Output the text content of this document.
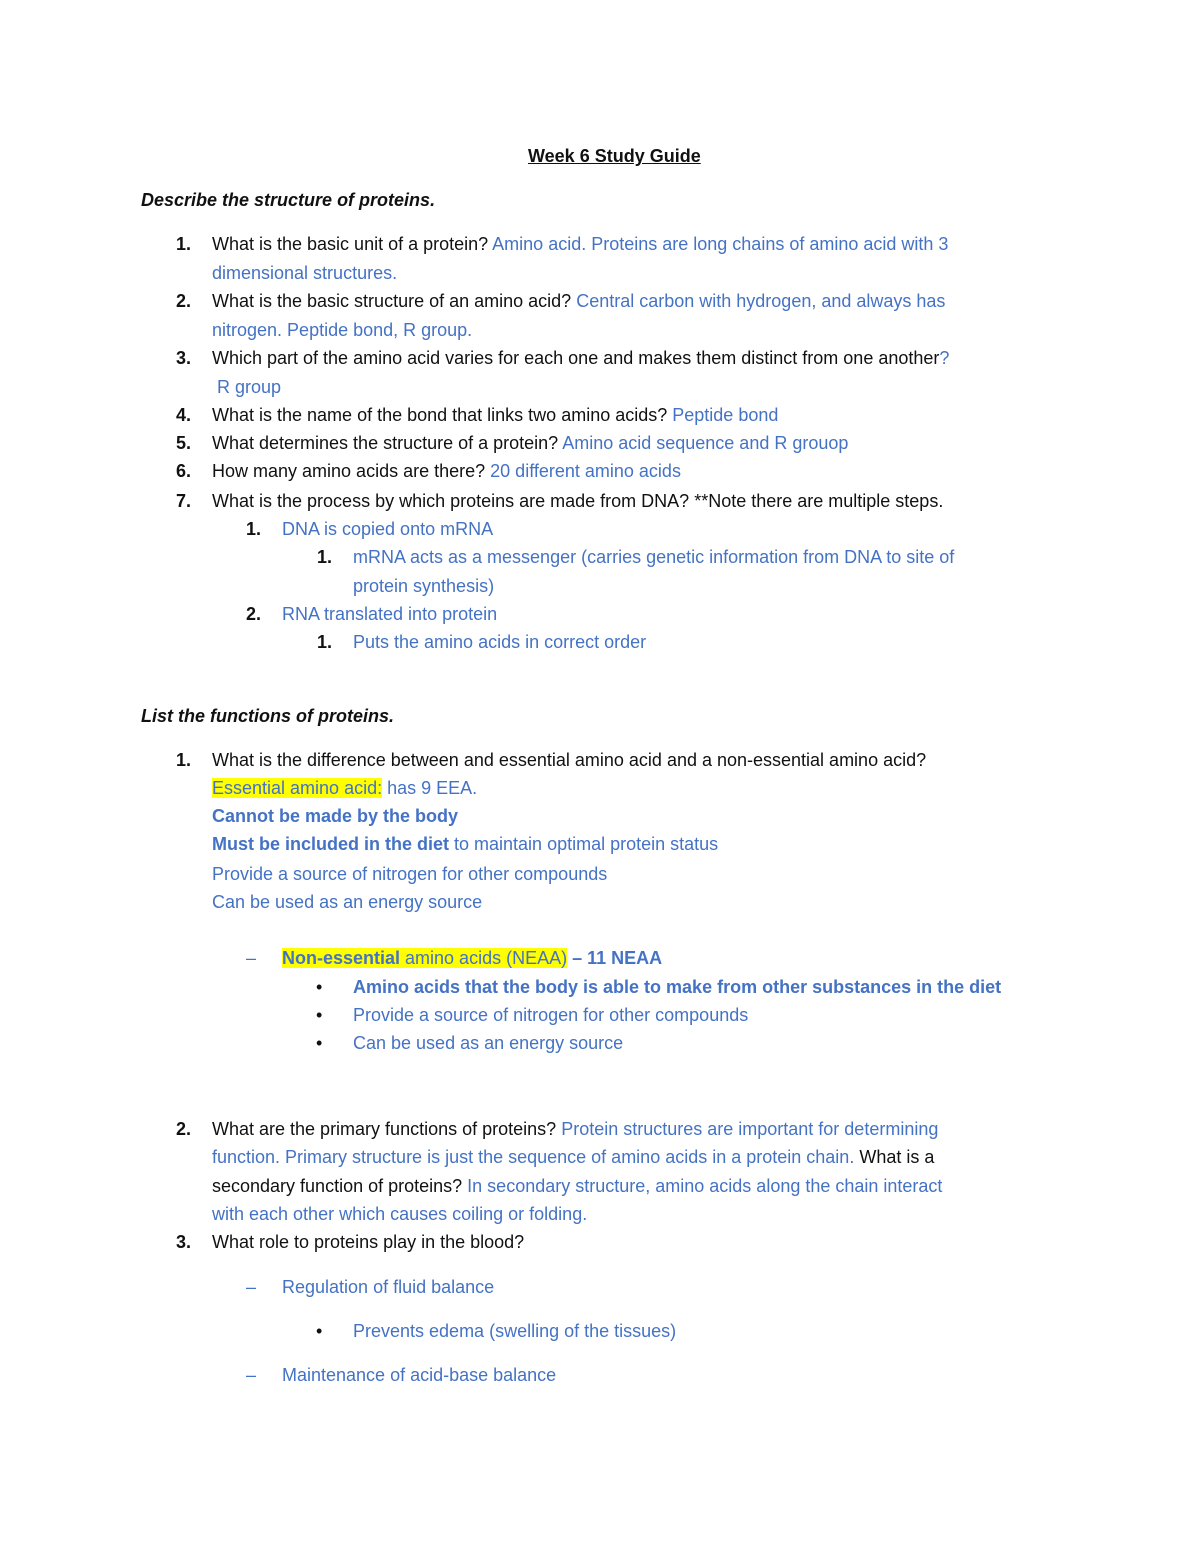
Week 6 Study Guide
Describe the structure of proteins.
1. What is the basic unit of a protein? Amino acid. Proteins are long chains of amino acid with 3
dimensional structures.
2. What is the basic structure of an amino acid? Central carbon with hydrogen, and always has
nitrogen. Peptide bond, R group.
3. Which part of the amino acid varies for each one and makes them distinct from one another?
R group
4. What is the name of the bond that links two amino acids? Peptide bond
5. What determines the structure of a protein? Amino acid sequence and R grouop
6. How many amino acids are there? 20 different amino acids
7. What is the process by which proteins are made from DNA? **Note there are multiple steps.
1. DNA is copied onto mRNA
1. mRNA acts as a messenger (carries genetic information from DNA to site of
protein synthesis)
2. RNA translated into protein
1. Puts the amino acids in correct order
List the functions of proteins.
1. What is the difference between and essential amino acid and a non-essential amino acid?
Essential amino acid: has 9 EEA.
Cannot be made by the body
Must be included in the diet to maintain optimal protein status
Provide a source of nitrogen for other compounds
Can be used as an energy source
– Non-essential amino acids (NEAA) – 11 NEAA
• Amino acids that the body is able to make from other substances in the diet
• Provide a source of nitrogen for other compounds
• Can be used as an energy source
2. What are the primary functions of proteins? Protein structures are important for determining
function. Primary structure is just the sequence of amino acids in a protein chain. What is a
secondary function of proteins? In secondary structure, amino acids along the chain interact
with each other which causes coiling or folding.
3. What role to proteins play in the blood?
– Regulation of fluid balance
• Prevents edema (swelling of the tissues)
– Maintenance of acid-base balance
